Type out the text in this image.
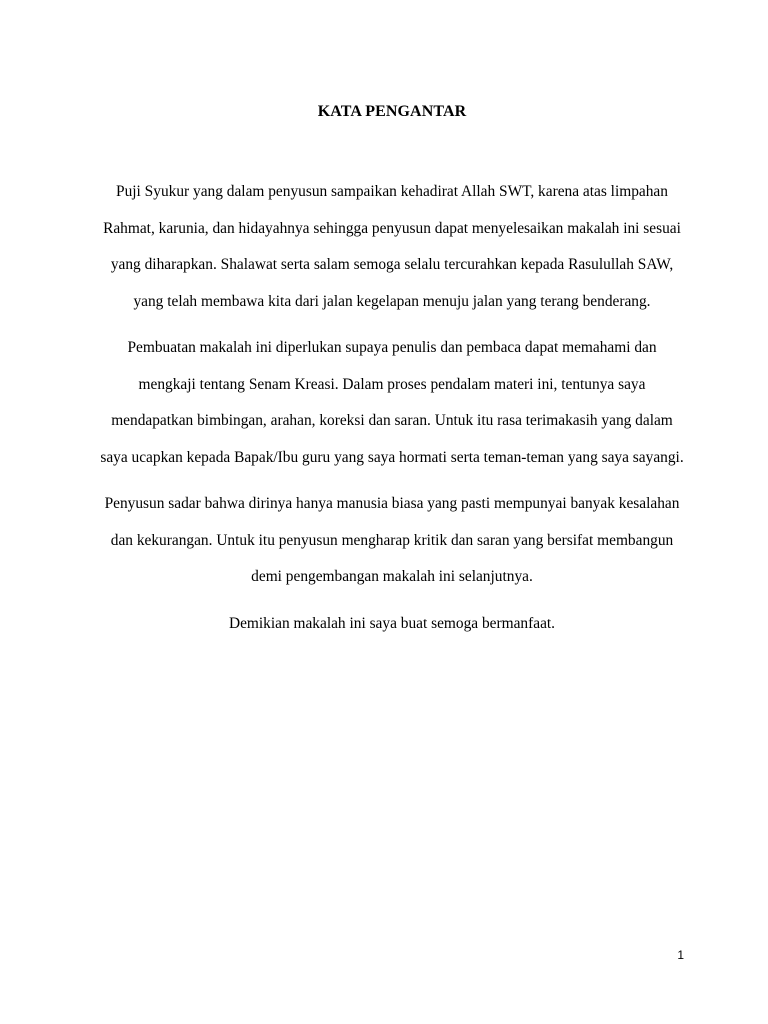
KATA PENGANTAR

Puji Syukur yang dalam penyusun sampaikan kehadirat Allah SWT, karena atas limpahan Rahmat, karunia, dan hidayahnya sehingga penyusun dapat menyelesaikan makalah ini sesuai yang diharapkan. Shalawat serta salam semoga selalu tercurahkan kepada Rasulullah SAW, yang telah membawa kita dari jalan kegelapan menuju jalan yang terang benderang.

Pembuatan makalah ini diperlukan supaya penulis dan pembaca dapat memahami dan mengkaji tentang Senam Kreasi. Dalam proses pendalam materi ini, tentunya saya mendapatkan bimbingan, arahan, koreksi dan saran. Untuk itu rasa terimakasih yang dalam saya ucapkan kepada Bapak/Ibu guru yang saya hormati serta teman-teman yang saya sayangi.

Penyusun sadar bahwa dirinya hanya manusia biasa yang pasti mempunyai banyak kesalahan dan kekurangan. Untuk itu penyusun mengharap kritik dan saran yang bersifat membangun demi pengembangan makalah ini selanjutnya.

Demikian makalah ini saya buat semoga bermanfaat.

1
